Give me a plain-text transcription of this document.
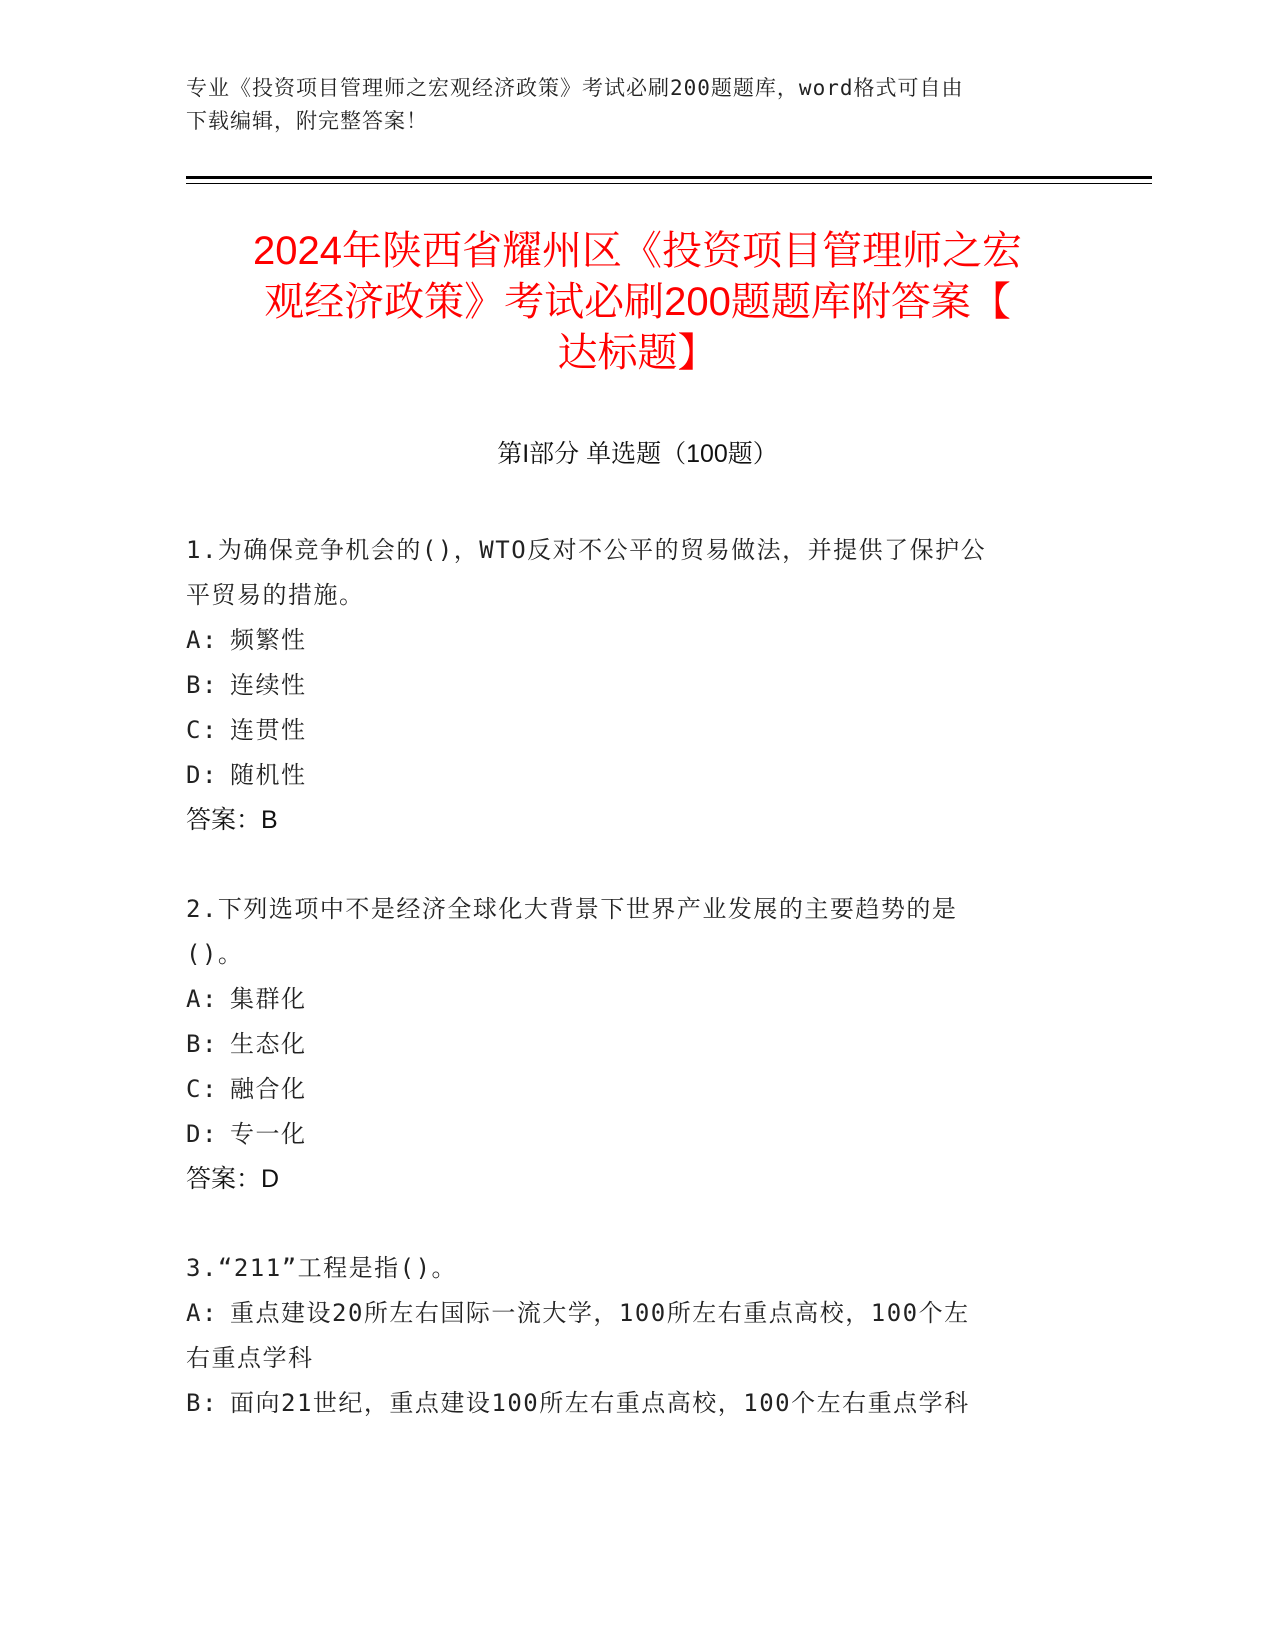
专业《投资项目管理师之宏观经济政策》考试必刷200题题库，word格式可自由
下载编辑，附完整答案！
2024年陕西省耀州区《投资项目管理师之宏
观经济政策》考试必刷200题题库附答案【
达标题】
第I部分 单选题（100题）

1.为确保竞争机会的()，WTO反对不公平的贸易做法，并提供了保护公

平贸易的措施。

A: 频繁性

B: 连续性

C: 连贯性

D: 随机性

答案：B

2.下列选项中不是经济全球化大背景下世界产业发展的主要趋势的是

()。

A: 集群化

B: 生态化

C: 融合化

D: 专一化

答案：D

3.“211”工程是指()。

A: 重点建设20所左右国际一流大学，100所左右重点高校，100个左

右重点学科

B: 面向21世纪，重点建设100所左右重点高校，100个左右重点学科
